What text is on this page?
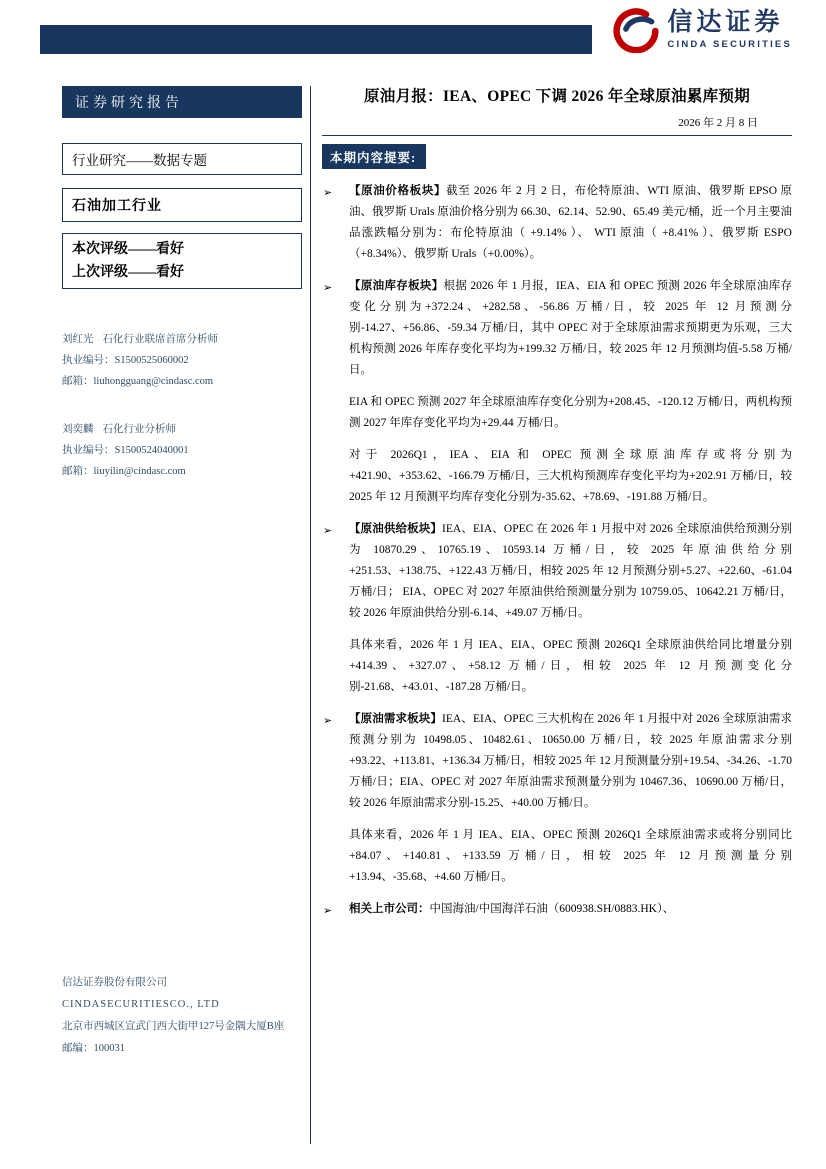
信达证券
CINDA SECURITIES
证券研究报告
行业研究——数据专题
石油加工行业
本次评级——看好
上次评级——看好
刘红光 石化行业联席首席分析师
执业编号：S1500525060002
邮箱：liuhongguang@cindasc.com
刘奕麟 石化行业分析师
执业编号：S1500524040001
邮箱：liuyilin@cindasc.com
信达证券股份有限公司
CINDASECURITIESCO., LTD
北京市西城区宣武门西大街甲127号金隅大厦B座
邮编：100031
原油月报：IEA、OPEC 下调 2026 年全球原油累库预期
2026 年 2 月 8 日
本期内容提要:
➢ 【原油价格板块】截至 2026 年 2 月 2 日，布伦特原油、WTI 原油、俄罗斯 EPSO 原油、俄罗斯 Urals 原油价格分别为 66.30、62.14、52.90、65.49 美元/桶，近一个月主要油品涨跌幅分别为：布伦特原油（ +9.14% ）、 WTI 原油（ +8.41% ）、俄罗斯 ESPO（+8.34%）、俄罗斯 Urals（+0.00%）。
➢ 【原油库存板块】根据 2026 年 1 月报，IEA、EIA 和 OPEC 预测 2026 年全球原油库存变化分别为+372.24、+282.58、-56.86 万桶/日，较 2025 年 12 月预测分别-14.27、+56.86、-59.34 万桶/日，其中 OPEC 对于全球原油需求预期更为乐观，三大机构预测 2026 年库存变化平均为+199.32 万桶/日，较 2025 年 12 月预测均值-5.58 万桶/日。
EIA 和 OPEC 预测 2027 年全球原油库存变化分别为+208.45、-120.12 万桶/日，两机构预测 2027 年库存变化平均为+29.44 万桶/日。
对于 2026Q1，IEA、EIA 和 OPEC 预测全球原油库存或将分别为 +421.90、+353.62、-166.79 万桶/日，三大机构预测库存变化平均为+202.91 万桶/日，较 2025 年 12 月预测平均库存变化分别为-35.62、+78.69、-191.88 万桶/日。
➢ 【原油供给板块】IEA、EIA、OPEC 在 2026 年 1 月报中对 2026 全球原油供给预测分别为 10870.29、10765.19、10593.14 万桶/日，较 2025 年原油供给分别+251.53、+138.75、+122.43 万桶/日，相较 2025 年 12 月预测分别+5.27、+22.60、-61.04 万桶/日； EIA、OPEC 对 2027 年原油供给预测量分别为 10759.05、10642.21 万桶/日，较 2026 年原油供给分别-6.14、+49.07 万桶/日。
具体来看，2026 年 1 月 IEA、EIA、OPEC 预测 2026Q1 全球原油供给同比增量分别+414.39、+327.07、+58.12 万桶/日，相较 2025 年 12 月预测变化分别-21.68、+43.01、-187.28 万桶/日。
➢ 【原油需求板块】IEA、EIA、OPEC 三大机构在 2026 年 1 月报中对 2026 全球原油需求预测分别为 10498.05、10482.61、10650.00 万桶/日，较 2025 年原油需求分别+93.22、+113.81、+136.34 万桶/日，相较 2025 年 12 月预测量分别+19.54、-34.26、-1.70 万桶/日；EIA、OPEC 对 2027 年原油需求预测量分别为 10467.36、10690.00 万桶/日，较 2026 年原油需求分别-15.25、+40.00 万桶/日。
具体来看，2026 年 1 月 IEA、EIA、OPEC 预测 2026Q1 全球原油需求或将分别同比+84.07、+140.81、+133.59 万桶/日，相较 2025 年 12 月预测量分别+13.94、-35.68、+4.60 万桶/日。
➢ 相关上市公司：中国海油/中国海洋石油（600938.SH/0883.HK）、
